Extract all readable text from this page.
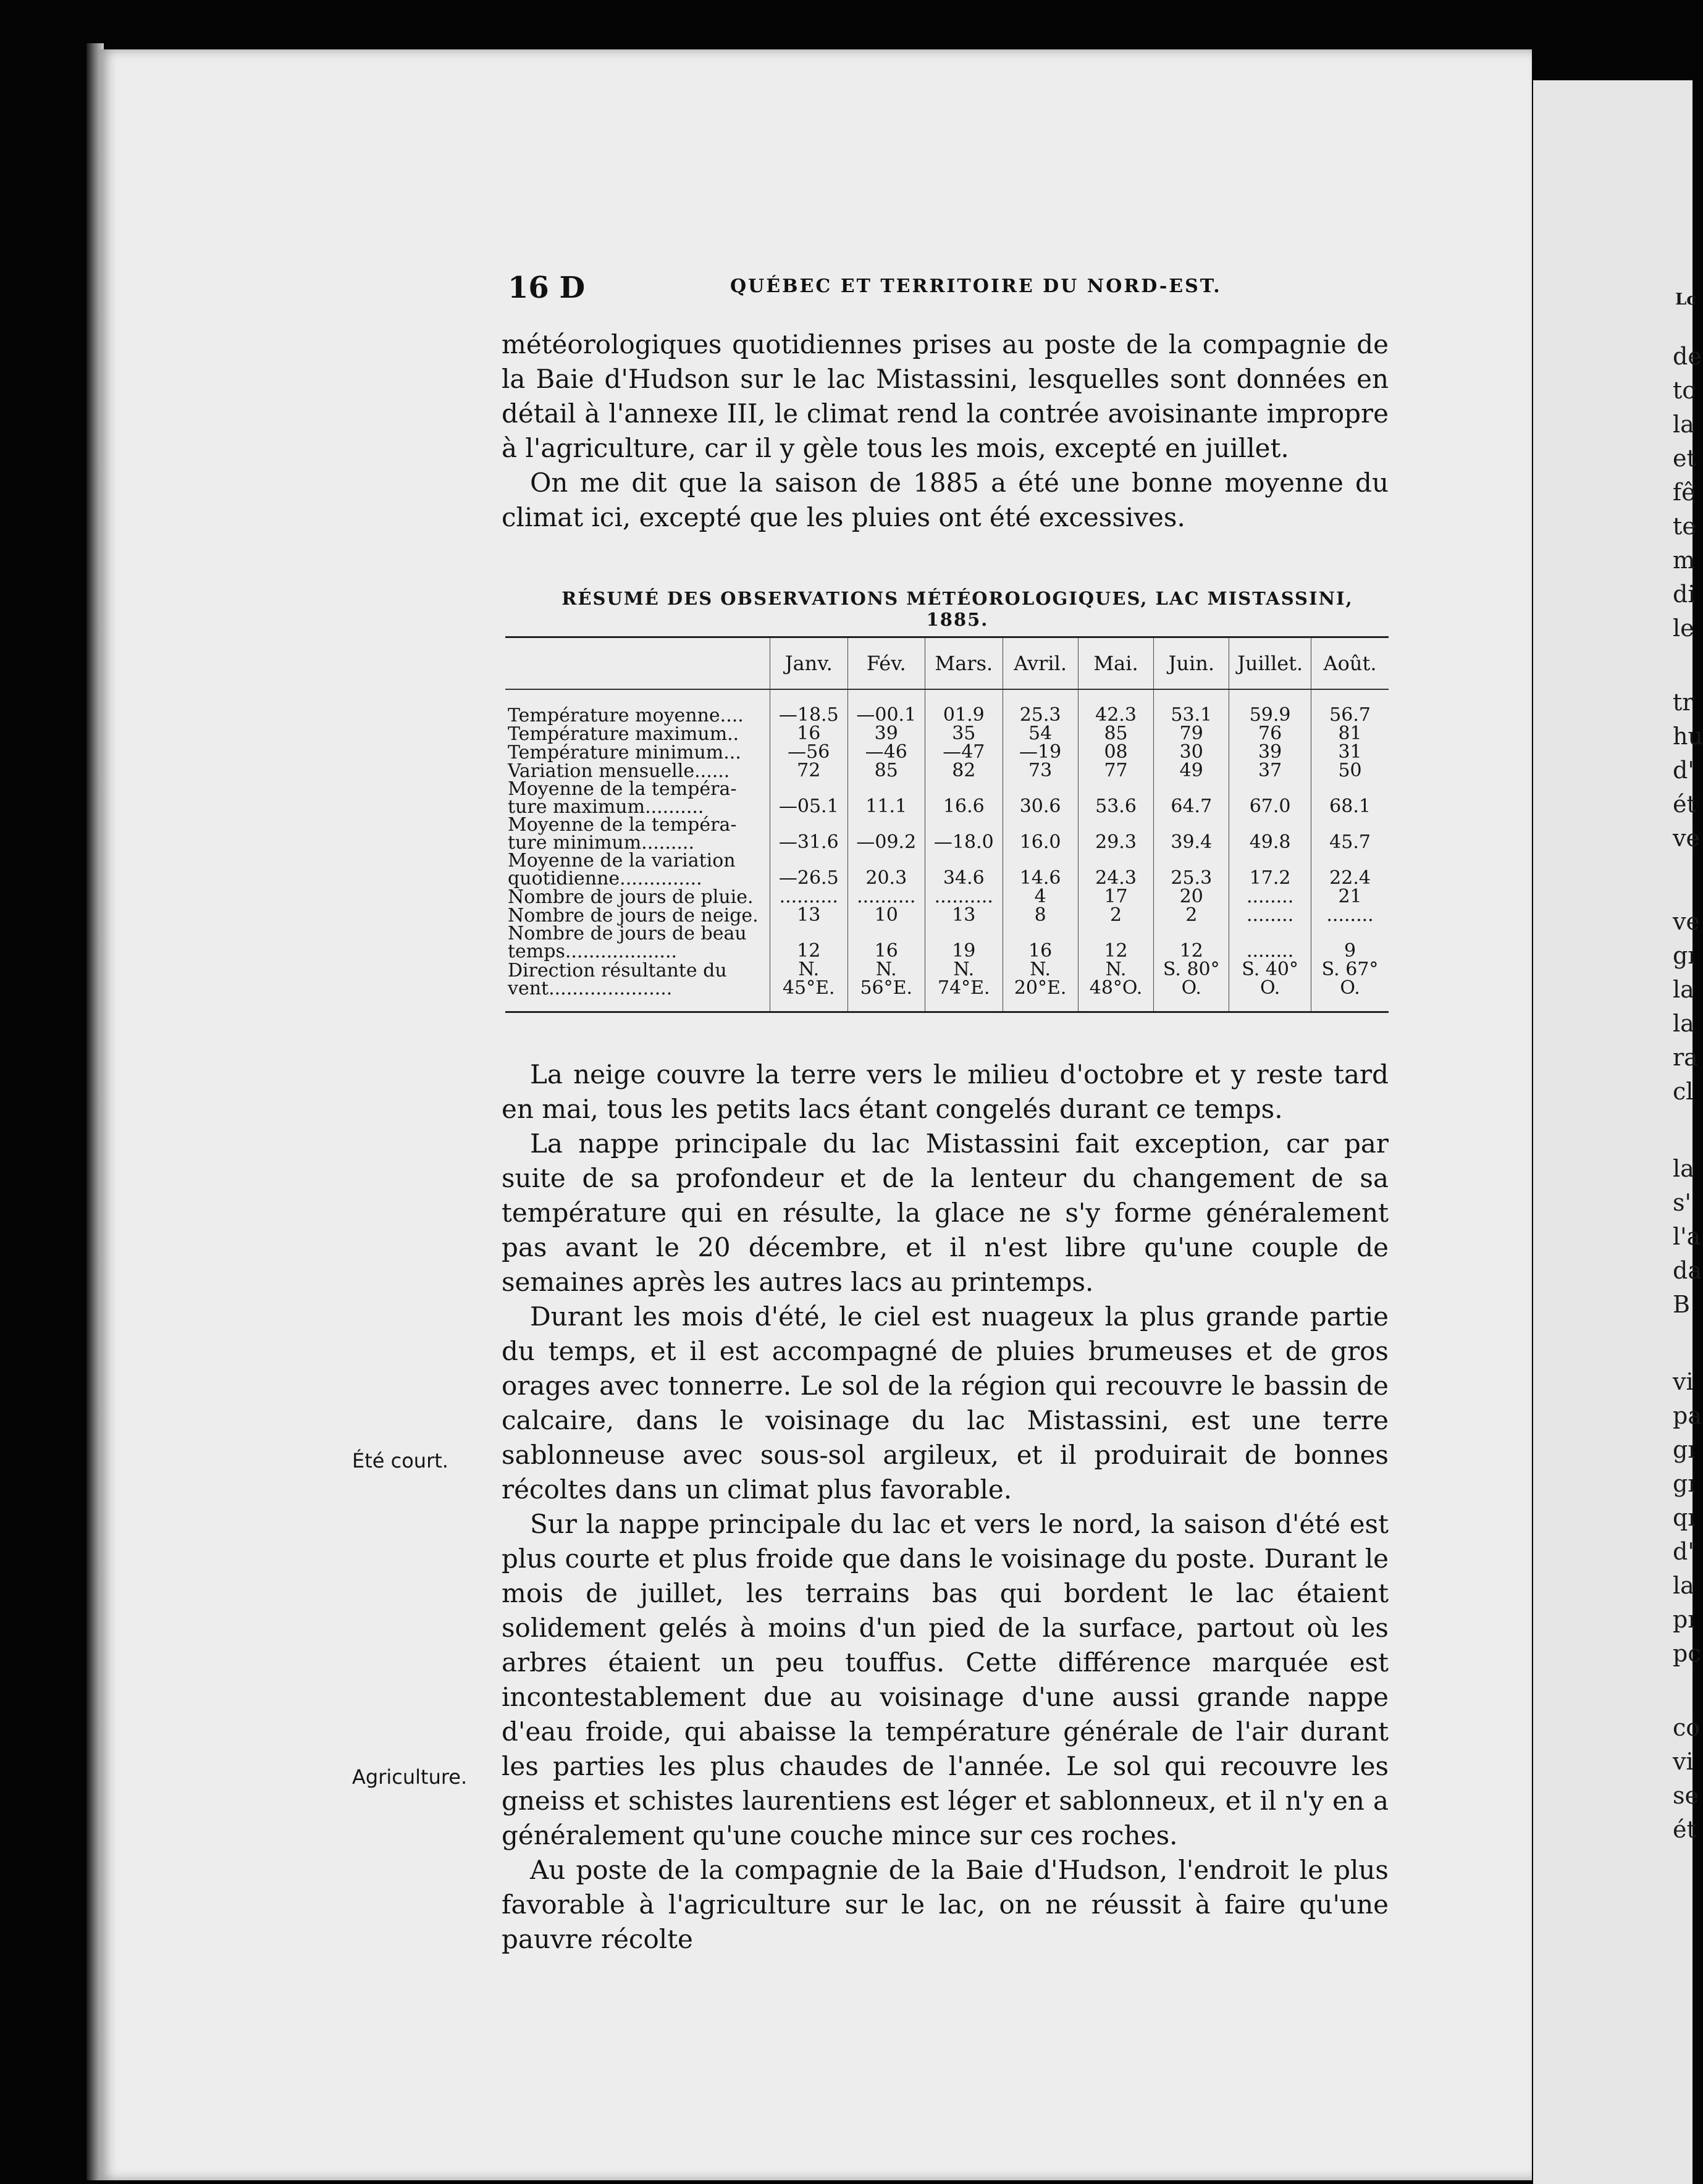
Lc
de
tc
la
et
fê
te
m
di
le
tr
hu
d'
ét
ve
ve
gı
la
la
ra
cl
la
s'
l'a
da
B
vi
pa
gı
gı
qı
d'
la
pı
pc
co
vi
se
ét
16 D	QUÉBEC ET TERRITOIRE DU NORD-EST.

météorologiques quotidiennes prises au poste de la compagnie de la Baie d'Hudson sur le lac Mistassini, lesquelles sont données en détail à l'annexe III, le climat rend la contrée avoisinante impropre à l'agriculture, car il y gèle tous les mois, excepté en juillet.

On me dit que la saison de 1885 a été une bonne moyenne du climat ici, excepté que les pluies ont été excessives.

RÉSUMÉ DES OBSERVATIONS MÉTÉOROLOGIQUES, LAC MISTASSINI, 1885.
	Janv.	Fév.	Mars.	Avril.	Mai.	Juin.	Juillet.	Août.
Température moyenne....	—18.5	—00.1	01.9	25.3	42.3	53.1	59.9	56.7
Température maximum..	16	39	35	54	85	79	76	81
Température minimum...	—56	—46	—47	—19	08	30	39	31
Variation mensuelle......	72	85	82	73	77	49	37	50
Moyenne de la tempéra- ture maximum..........	—05.1	11.1	16.6	30.6	53.6	64.7	67.0	68.1
Moyenne de la tempéra- ture minimum.........	—31.6	—09.2	—18.0	16.0	29.3	39.4	49.8	45.7
Moyenne de la variation quotidienne..............	—26.5	20.3	34.6	14.6	24.3	25.3	17.2	22.4
Nombre de jours de pluie.	..........	..........	..........	4	17	20	........	21
Nombre de jours de neige.	13	10	13	8	2	2	........	........
Nombre de jours de beau temps...................	12	16	19	16	12	12	........	9
Direction résultante du vent.....................	N. 45°E.	N. 56°E.	N. 74°E.	N. 20°E.	N. 48°O.	S. 80° O.	S. 40° O.	S. 67° O.

La neige couvre la terre vers le milieu d'octobre et y reste tard en mai, tous les petits lacs étant congelés durant ce temps.

La nappe principale du lac Mistassini fait exception, car par suite de sa profondeur et de la lenteur du changement de sa température qui en résulte, la glace ne s'y forme généralement pas avant le 20 décembre, et il n'est libre qu'une couple de semaines après les autres lacs au printemps.

Durant les mois d'été, le ciel est nuageux la plus grande partie du temps, et il est accompagné de pluies brumeuses et de gros orages avec tonnerre. Le sol de la région qui recouvre le bassin de calcaire, dans le voisinage du lac Mistassini, est une terre sablonneuse avec sous-sol argileux, et il produirait de bonnes récoltes dans un climat plus favorable.

Sur la nappe principale du lac et vers le nord, la saison d'été est plus courte et plus froide que dans le voisinage du poste. Durant le mois de juillet, les terrains bas qui bordent le lac étaient solidement gelés à moins d'un pied de la surface, partout où les arbres étaient un peu touffus. Cette différence marquée est incontestablement due au voisinage d'une aussi grande nappe d'eau froide, qui abaisse la température générale de l'air durant les parties les plus chaudes de l'année. Le sol qui recouvre les gneiss et schistes laurentiens est léger et sablonneux, et il n'y en a généralement qu'une couche mince sur ces roches.

Au poste de la compagnie de la Baie d'Hudson, l'endroit le plus favorable à l'agriculture sur le lac, on ne réussit à faire qu'une pauvre récolte

Été court.
Agriculture.
